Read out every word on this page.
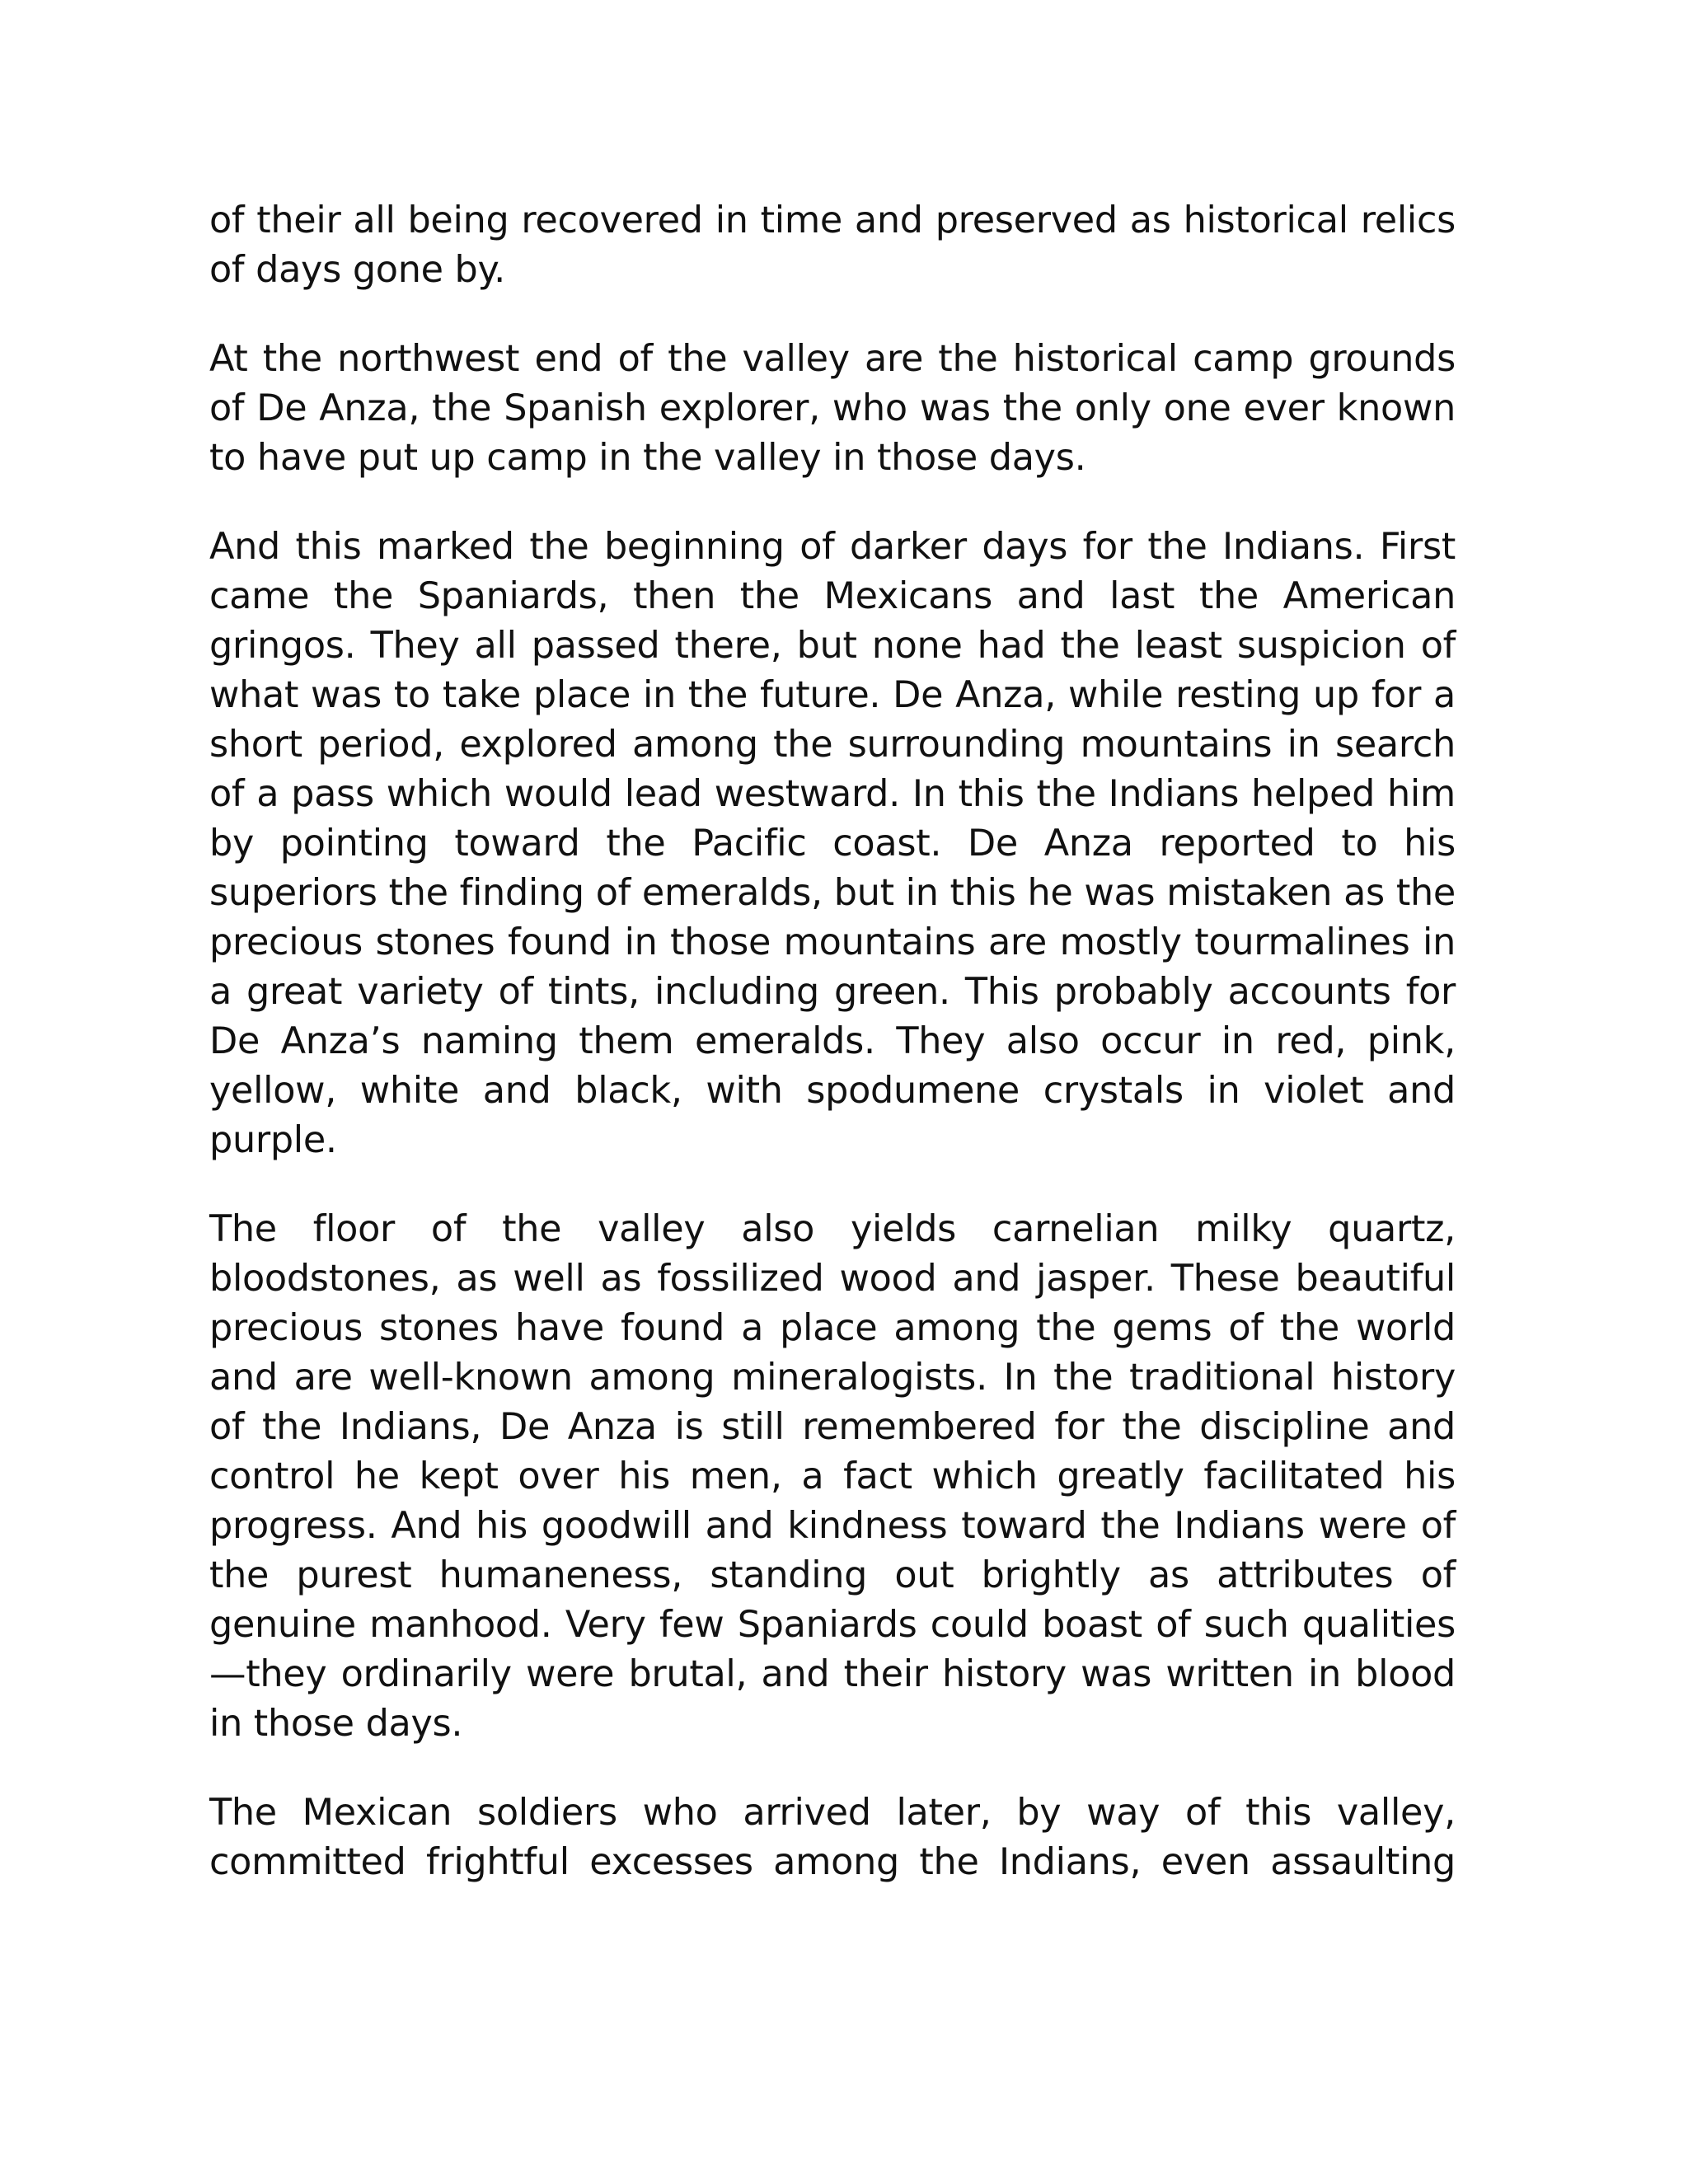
of their all being recovered in time and preserved as historical relics of days gone by.

At the northwest end of the valley are the historical camp grounds of De Anza, the Spanish explorer, who was the only one ever known to have put up camp in the valley in those days.

And this marked the beginning of darker days for the Indians. First came the Spaniards, then the Mexicans and last the American gringos. They all passed there, but none had the least suspicion of what was to take place in the future. De Anza, while resting up for a short period, explored among the surrounding mountains in search of a pass which would lead westward. In this the Indians helped him by pointing toward the Pacific coast. De Anza reported to his superiors the finding of emeralds, but in this he was mistaken as the precious stones found in those mountains are mostly tourmalines in a great variety of tints, including green. This probably accounts for De Anza’s naming them emeralds. They also occur in red, pink, yellow, white and black, with spodumene crystals in violet and purple.

The floor of the valley also yields carnelian milky quartz, bloodstones, as well as fossilized wood and jasper. These beautiful precious stones have found a place among the gems of the world and are well-known among mineralogists. In the traditional history of the Indians, De Anza is still remembered for the discipline and control he kept over his men, a fact which greatly facilitated his progress. And his goodwill and kindness toward the Indians were of the purest humaneness, standing out brightly as attributes of genuine manhood. Very few Spaniards could boast of such qualities —they ordinarily were brutal, and their history was written in blood in those days.

The Mexican soldiers who arrived later, by way of this valley, committed frightful excesses among the Indians, even assaulting
